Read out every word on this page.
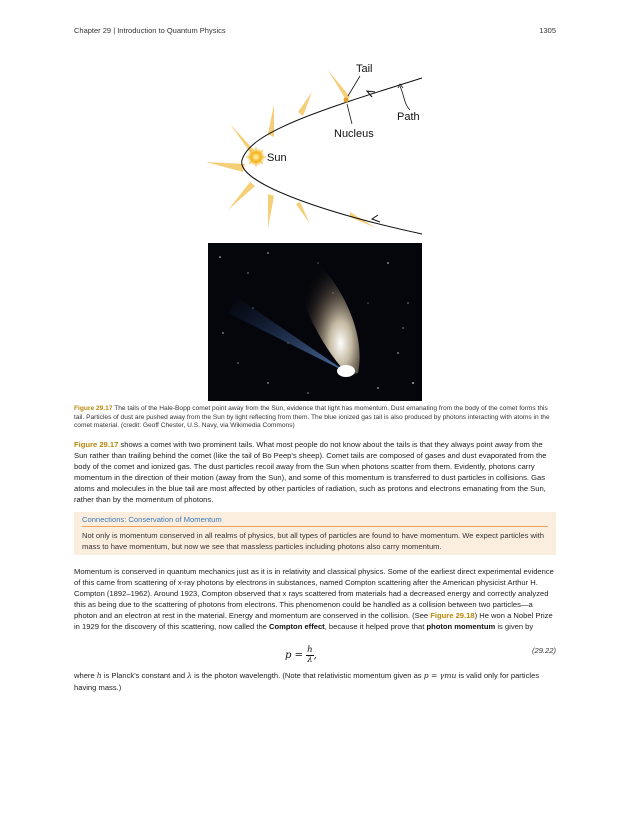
Chapter 29 | Introduction to Quantum Physics	1305
Tail
Path
Nucleus
Sun
Figure 29.17 The tails of the Hale-Bopp comet point away from the Sun, evidence that light has momentum. Dust emanating from the body of the comet forms this tail. Particles of dust are pushed away from the Sun by light reflecting from them. The blue ionized gas tail is also produced by photons interacting with atoms in the comet material. (credit: Geoff Chester, U.S. Navy, via Wikimedia Commons)
Figure 29.17 shows a comet with two prominent tails. What most people do not know about the tails is that they always point away from the Sun rather than trailing behind the comet (like the tail of Bo Peep's sheep). Comet tails are composed of gases and dust evaporated from the body of the comet and ionized gas. The dust particles recoil away from the Sun when photons scatter from them. Evidently, photons carry momentum in the direction of their motion (away from the Sun), and some of this momentum is transferred to dust particles in collisions. Gas atoms and molecules in the blue tail are most affected by other particles of radiation, such as protons and electrons emanating from the Sun, rather than by the momentum of photons.
Connections: Conservation of Momentum
Not only is momentum conserved in all realms of physics, but all types of particles are found to have momentum. We expect particles with mass to have momentum, but now we see that massless particles including photons also carry momentum.
Momentum is conserved in quantum mechanics just as it is in relativity and classical physics. Some of the earliest direct experimental evidence of this came from scattering of x-ray photons by electrons in substances, named Compton scattering after the American physicist Arthur H. Compton (1892–1962). Around 1923, Compton observed that x rays scattered from materials had a decreased energy and correctly analyzed this as being due to the scattering of photons from electrons. This phenomenon could be handled as a collision between two particles—a photon and an electron at rest in the material. Energy and momentum are conserved in the collision. (See Figure 29.18) He won a Nobel Prize in 1929 for the discovery of this scattering, now called the Compton effect, because it helped prove that photon momentum is given by
$p = \frac{h}{\lambda}$ ,	(29.22)
where h is Planck's constant and λ is the photon wavelength. (Note that relativistic momentum given as p = γmu is valid only for particles having mass.)
